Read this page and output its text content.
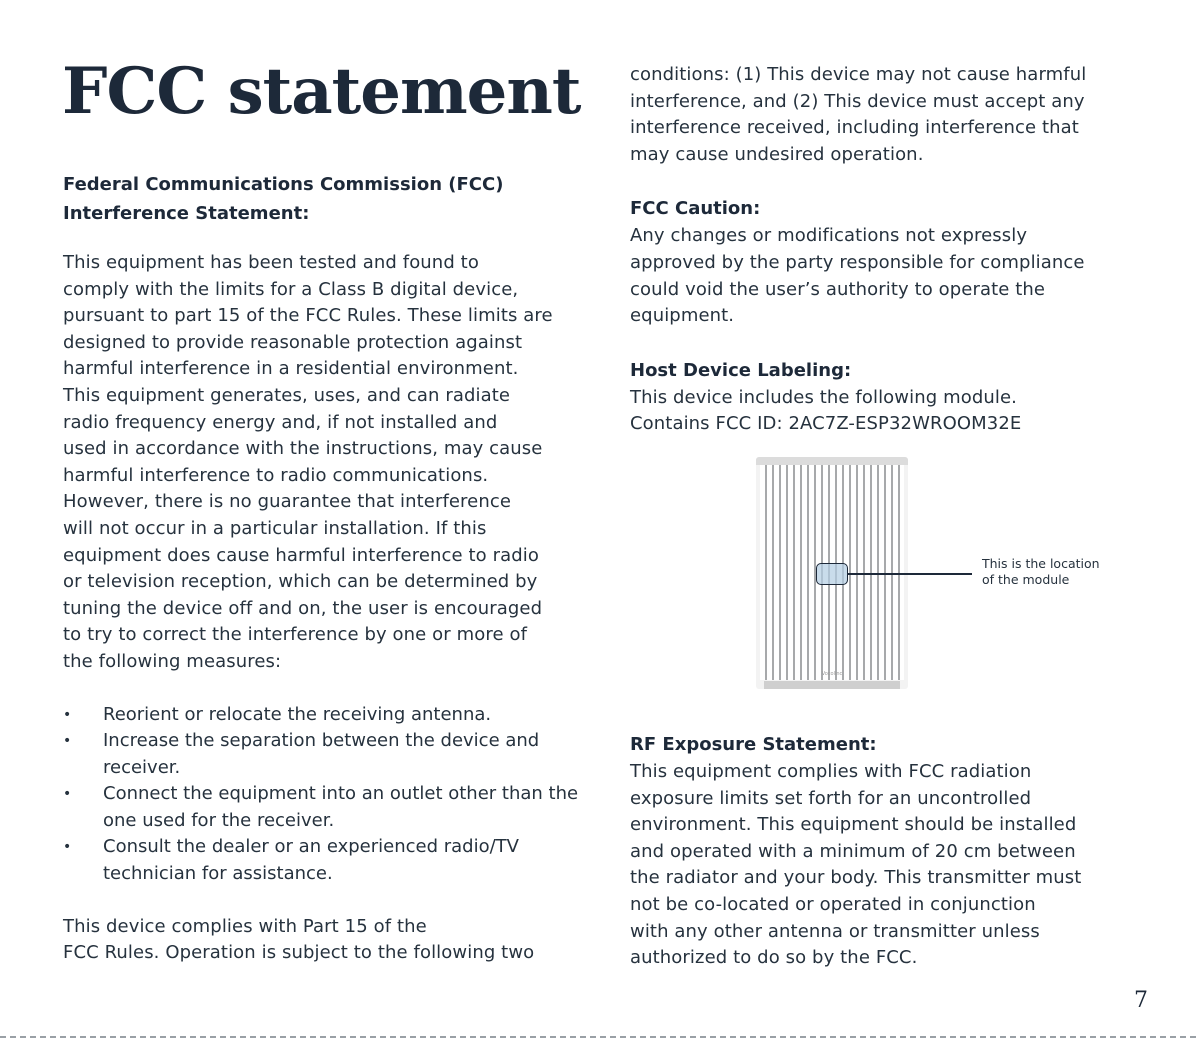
FCC statement

Federal Communications Commission (FCC)
Interference Statement:

This equipment has been tested and found to
comply with the limits for a Class B digital device,
pursuant to part 15 of the FCC Rules. These limits are
designed to provide reasonable protection against
harmful interference in a residential environment.
This equipment generates, uses, and can radiate
radio frequency energy and, if not installed and
used in accordance with the instructions, may cause
harmful interference to radio communications.
However, there is no guarantee that interference
will not occur in a particular installation. If this
equipment does cause harmful interference to radio
or television reception, which can be determined by
tuning the device off and on, the user is encouraged
to try to correct the interference by one or more of
the following measures:

• Reorient or relocate the receiving antenna.
• Increase the separation between the device and receiver.
• Connect the equipment into an outlet other than the one used for the receiver.
• Consult the dealer or an experienced radio/TV technician for assistance.

This device complies with Part 15 of the
FCC Rules. Operation is subject to the following two

conditions: (1) This device may not cause harmful
interference, and (2) This device must accept any
interference received, including interference that
may cause undesired operation.

FCC Caution:

Any changes or modifications not expressly
approved by the party responsible for compliance
could void the user’s authority to operate the
equipment.

Host Device Labeling:

This device includes the following module.
Contains FCC ID: 2AC7Z-ESP32WROOM32E

Vocolinc
This is the location
of the module

RF Exposure Statement:

This equipment complies with FCC radiation
exposure limits set forth for an uncontrolled
environment. This equipment should be installed
and operated with a minimum of 20 cm between
the radiator and your body. This transmitter must
not be co-located or operated in conjunction
with any other antenna or transmitter unless
authorized to do so by the FCC.

7
